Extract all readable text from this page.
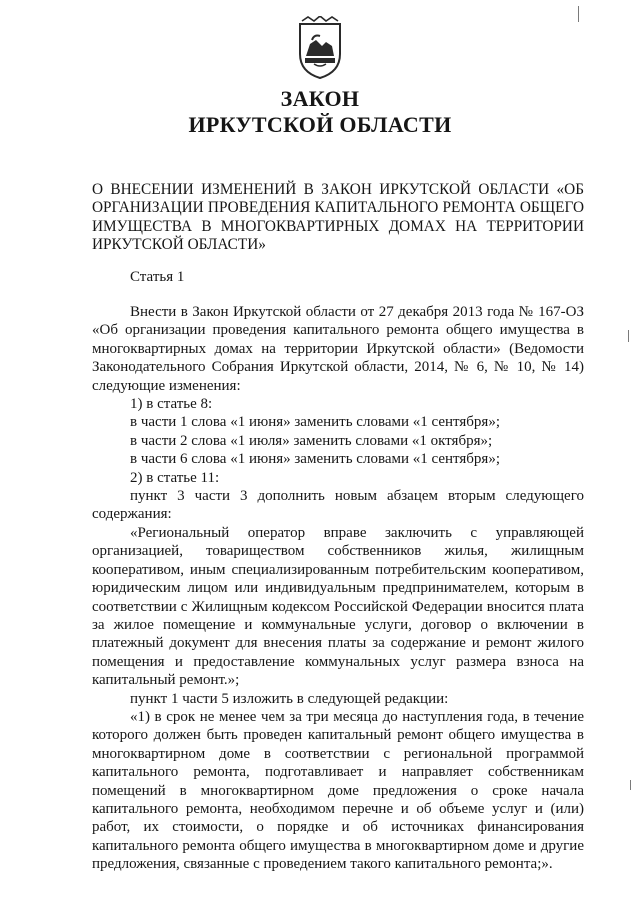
ЗАКОН
ИРКУТСКОЙ ОБЛАСТИ
О ВНЕСЕНИИ ИЗМЕНЕНИЙ В ЗАКОН ИРКУТСКОЙ ОБЛАСТИ «ОБ ОРГАНИЗАЦИИ ПРОВЕДЕНИЯ КАПИТАЛЬНОГО РЕМОНТА ОБЩЕГО ИМУЩЕСТВА В МНОГОКВАРТИРНЫХ ДОМАХ НА ТЕРРИТОРИИ ИРКУТСКОЙ ОБЛАСТИ»
Статья 1

Внести в Закон Иркутской области от 27 декабря 2013 года № 167-ОЗ «Об организации проведения капитального ремонта общего имущества в многоквартирных домах на территории Иркутской области» (Ведомости Законодательного Собрания Иркутской области, 2014, № 6, № 10, № 14) следующие изменения:

1) в статье 8:

в части 1 слова «1 июня» заменить словами «1 сентября»;

в части 2 слова «1 июля» заменить словами «1 октября»;

в части 6 слова «1 июня» заменить словами «1 сентября»;

2) в статье 11:

пункт 3 части 3 дополнить новым абзацем вторым следующего содержания:

«Региональный оператор вправе заключить с управляющей организацией, товариществом собственников жилья, жилищным кооперативом, иным специализированным потребительским кооперативом, юридическим лицом или индивидуальным предпринимателем, которым в соответствии с Жилищным кодексом Российской Федерации вносится плата за жилое помещение и коммунальные услуги, договор о включении в платежный документ для внесения платы за содержание и ремонт жилого помещения и предоставление коммунальных услуг размера взноса на капитальный ремонт.»;

пункт 1 части 5 изложить в следующей редакции:

«1) в срок не менее чем за три месяца до наступления года, в течение которого должен быть проведен капитальный ремонт общего имущества в многоквартирном доме в соответствии с региональной программой капитального ремонта, подготавливает и направляет собственникам помещений в многоквартирном доме предложения о сроке начала капитального ремонта, необходимом перечне и об объеме услуг и (или) работ, их стоимости, о порядке и об источниках финансирования капитального ремонта общего имущества в многоквартирном доме и другие предложения, связанные с проведением такого капитального ремонта;».
